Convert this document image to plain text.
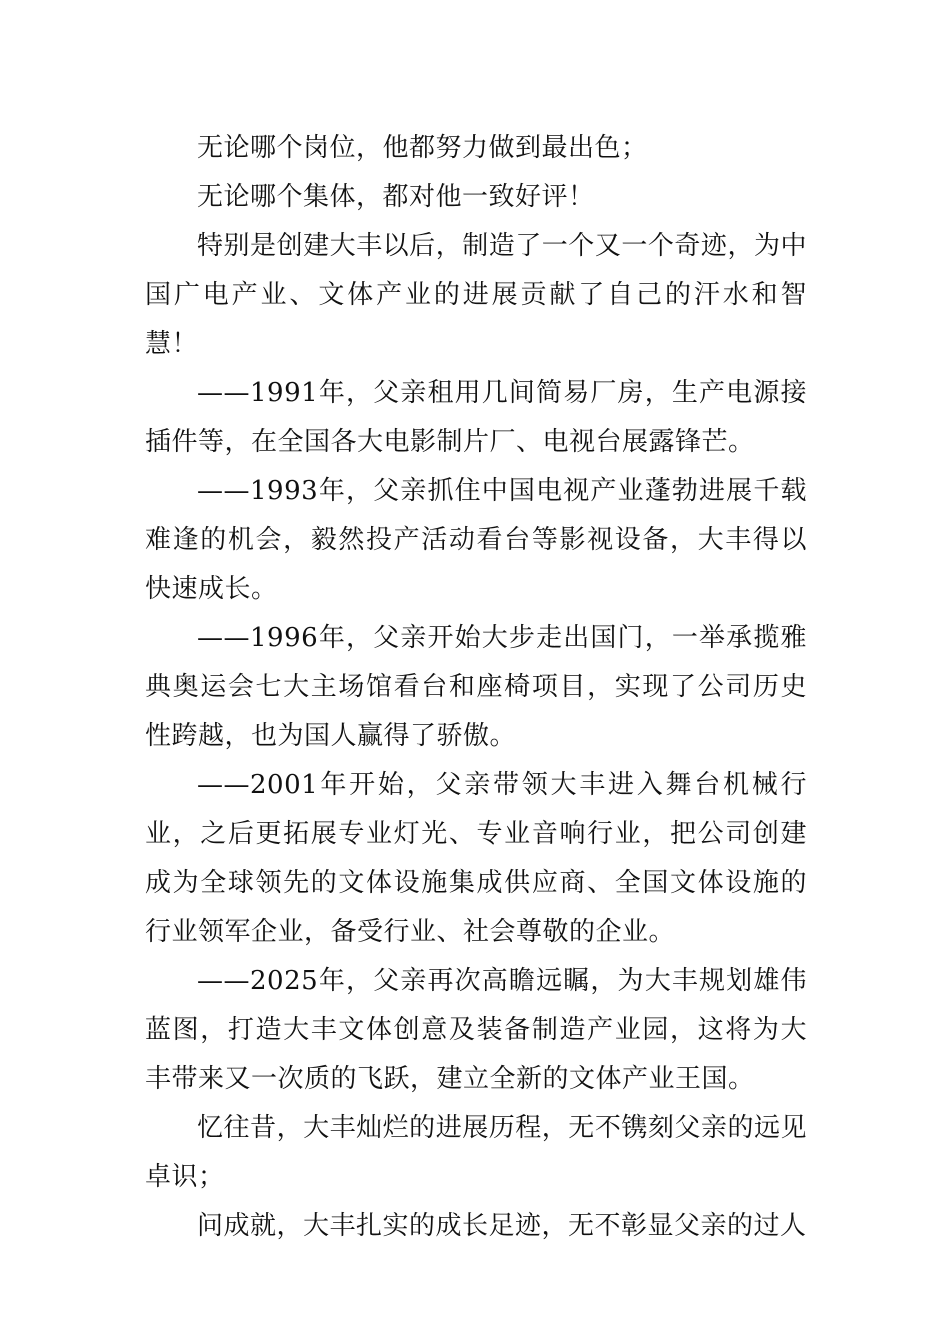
无论哪个岗位，他都努力做到最出色；

无论哪个集体，都对他一致好评！

特别是创建大丰以后，制造了一个又一个奇迹，为中国广电产业、文体产业的进展贡献了自己的汗水和智慧！

——1991年，父亲租用几间简易厂房，生产电源接插件等，在全国各大电影制片厂、电视台展露锋芒。

——1993年，父亲抓住中国电视产业蓬勃进展千载难逢的机会，毅然投产活动看台等影视设备，大丰得以快速成长。

——1996年，父亲开始大步走出国门，一举承揽雅典奥运会七大主场馆看台和座椅项目，实现了公司历史性跨越，也为国人赢得了骄傲。

——2001年开始，父亲带领大丰进入舞台机械行业，之后更拓展专业灯光、专业音响行业，把公司创建成为全球领先的文体设施集成供应商、全国文体设施的行业领军企业，备受行业、社会尊敬的企业。

——2025年，父亲再次高瞻远瞩，为大丰规划雄伟蓝图，打造大丰文体创意及装备制造产业园，这将为大丰带来又一次质的飞跃，建立全新的文体产业王国。

忆往昔，大丰灿烂的进展历程，无不镌刻父亲的远见卓识；

问成就，大丰扎实的成长足迹，无不彰显父亲的过人
